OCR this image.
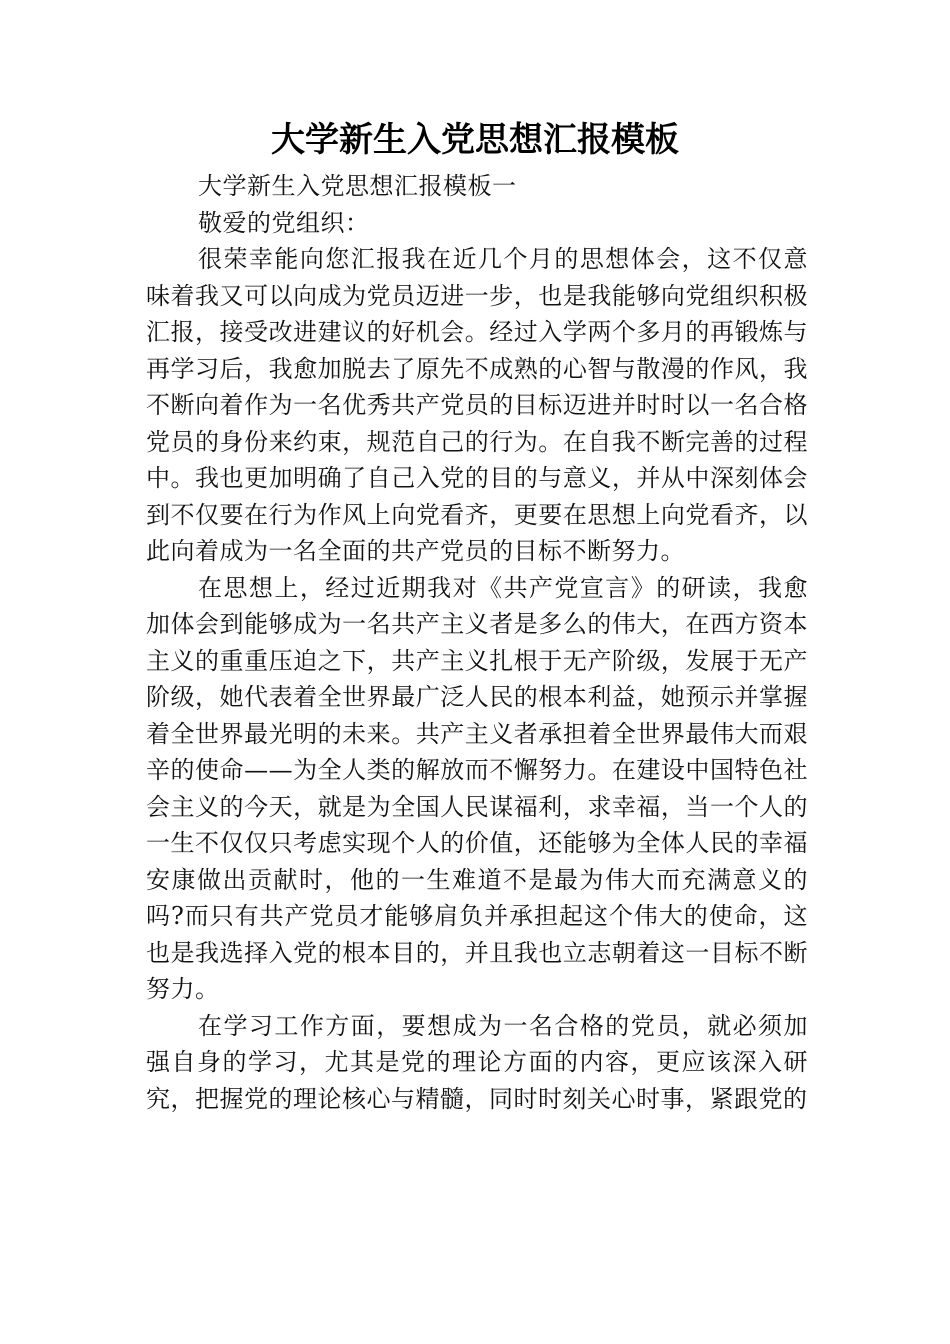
大学新生入党思想汇报模板

大学新生入党思想汇报模板一

敬爱的党组织：

很荣幸能向您汇报我在近几个月的思想体会，这不仅意味着我又可以向成为党员迈进一步，也是我能够向党组织积极汇报，接受改进建议的好机会。经过入学两个多月的再锻炼与再学习后，我愈加脱去了原先不成熟的心智与散漫的作风，我不断向着作为一名优秀共产党员的目标迈进并时时以一名合格党员的身份来约束，规范自己的行为。在自我不断完善的过程中。我也更加明确了自己入党的目的与意义，并从中深刻体会到不仅要在行为作风上向党看齐，更要在思想上向党看齐，以此向着成为一名全面的共产党员的目标不断努力。

在思想上，经过近期我对《共产党宣言》的研读，我愈加体会到能够成为一名共产主义者是多么的伟大，在西方资本主义的重重压迫之下，共产主义扎根于无产阶级，发展于无产阶级，她代表着全世界最广泛人民的根本利益，她预示并掌握着全世界最光明的未来。共产主义者承担着全世界最伟大而艰辛的使命——为全人类的解放而不懈努力。在建设中国特色社会主义的今天，就是为全国人民谋福利，求幸福，当一个人的一生不仅仅只考虑实现个人的价值，还能够为全体人民的幸福安康做出贡献时，他的一生难道不是最为伟大而充满意义的吗?而只有共产党员才能够肩负并承担起这个伟大的使命，这也是我选择入党的根本目的，并且我也立志朝着这一目标不断努力。

在学习工作方面，要想成为一名合格的党员，就必须加强自身的学习，尤其是党的理论方面的内容，更应该深入研究，把握党的理论核心与精髓，同时时刻关心时事，紧跟党的
